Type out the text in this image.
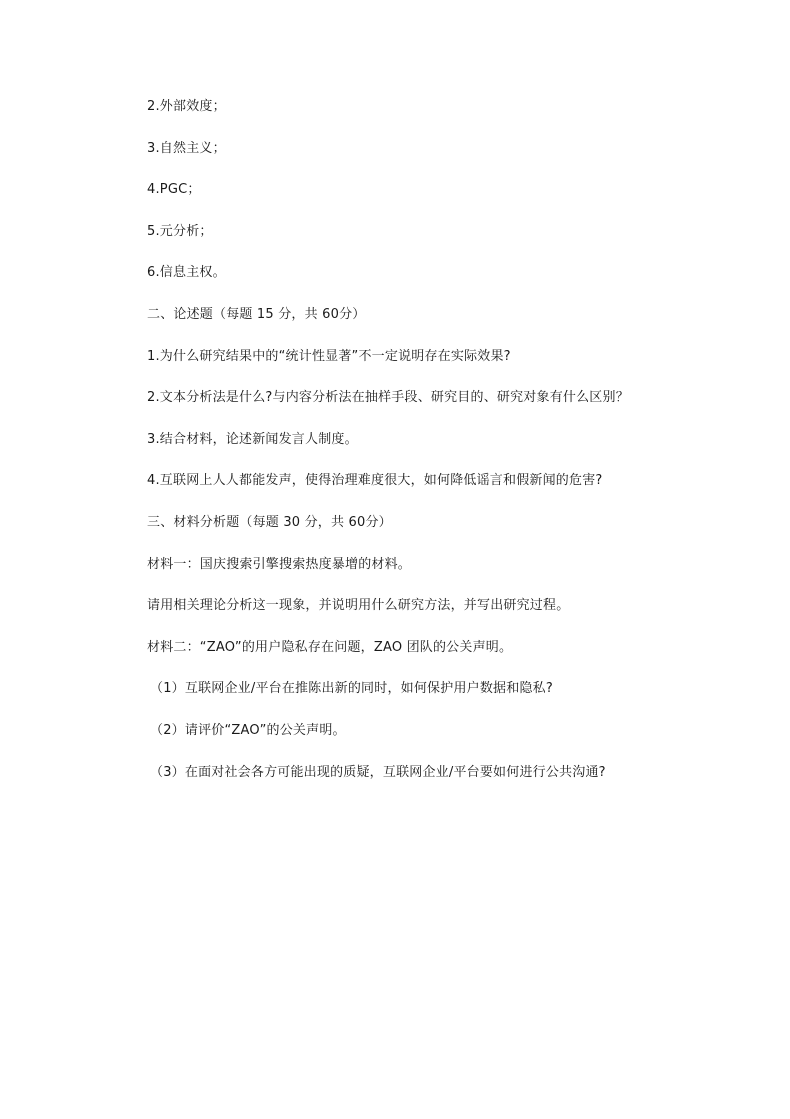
2.外部效度；
3.自然主义；
4.PGC；
5.元分析；
6.信息主权。
二、论述题（每题 15 分，共 60分）
1.为什么研究结果中的“统计性显著”不一定说明存在实际效果?
2.文本分析法是什么?与内容分析法在抽样手段、研究目的、研究对象有什么区别？
3.结合材料，论述新闻发言人制度。
4.互联网上人人都能发声，使得治理难度很大，如何降低谣言和假新闻的危害?
三、材料分析题（每题 30 分，共 60分）
材料一：国庆搜索引擎搜索热度暴增的材料。
请用相关理论分析这一现象，并说明用什么研究方法，并写出研究过程。
材料二：“ZAO”的用户隐私存在问题，ZAO 团队的公关声明。
（1）互联网企业/平台在推陈出新的同时，如何保护用户数据和隐私?
（2）请评价“ZAO”的公关声明。
（3）在面对社会各方可能出现的质疑，互联网企业/平台要如何进行公共沟通?
